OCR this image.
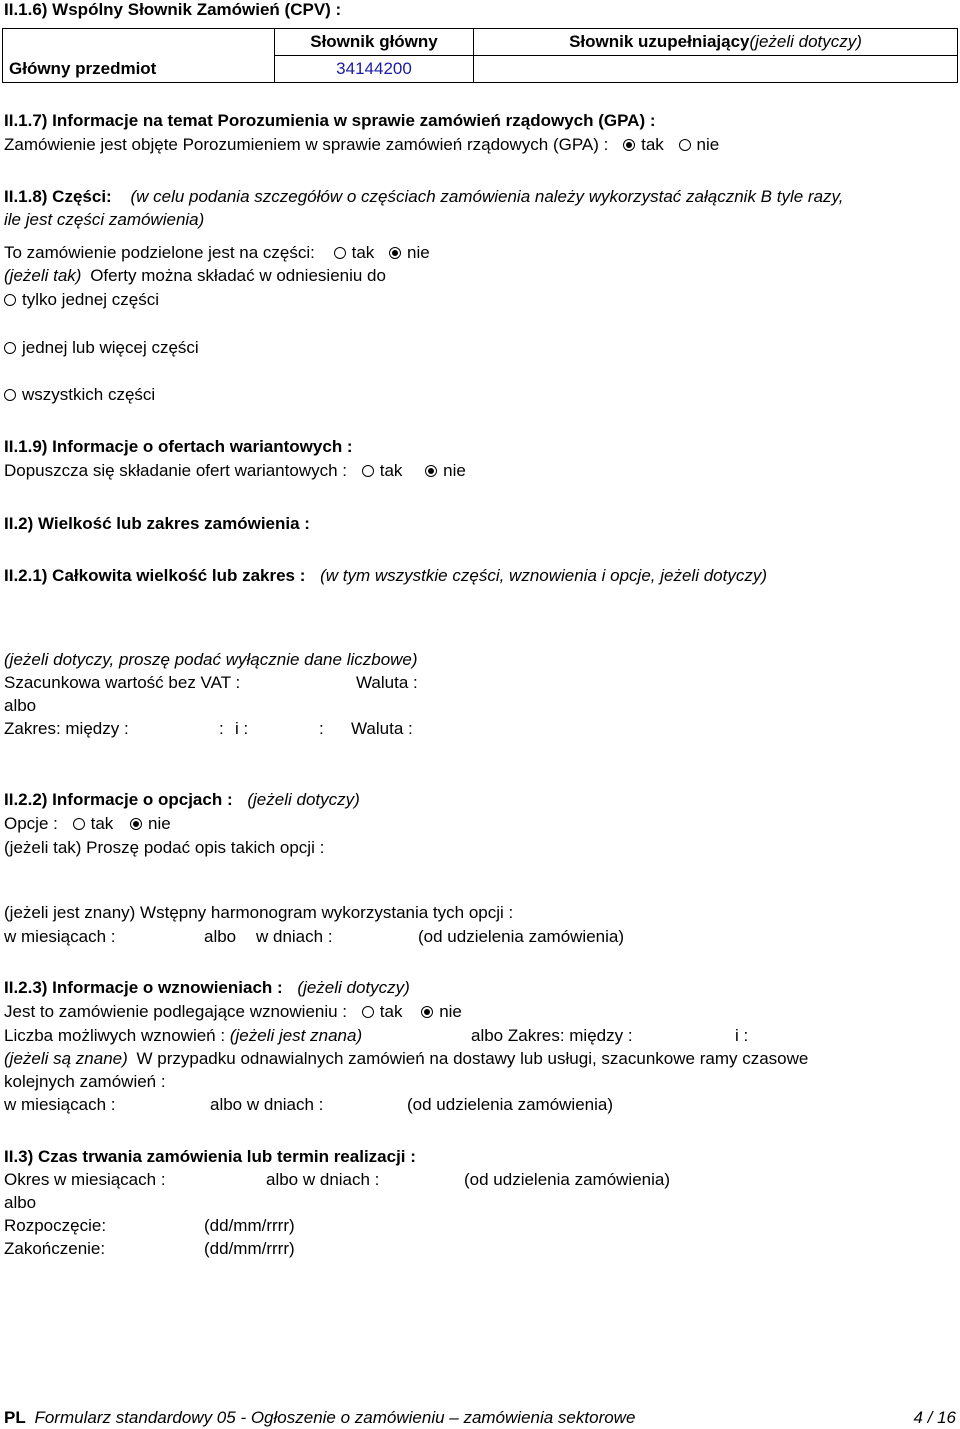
II.1.6) Wspólny Słownik Zamówień (CPV) :
	Słownik główny	Słownik uzupełniający(jeżeli dotyczy)
Główny przedmiot	34144200	
II.1.7) Informacje na temat Porozumienia w sprawie zamówień rządowych (GPA) :
Zamówienie jest objęte Porozumieniem w sprawie zamówień rządowych (GPA) : tak nie
II.1.8) Części: (w celu podania szczegółów o częściach zamówienia należy wykorzystać załącznik B tyle razy,
ile jest części zamówienia)
To zamówienie podzielone jest na części: tak nie
(jeżeli tak) Oferty można składać w odniesieniu do
tylko jednej części
jednej lub więcej części
wszystkich części
II.1.9) Informacje o ofertach wariantowych :
Dopuszcza się składanie ofert wariantowych : tak nie
II.2) Wielkość lub zakres zamówienia :
II.2.1) Całkowita wielkość lub zakres : (w tym wszystkie części, wznowienia i opcje, jeżeli dotyczy)
(jeżeli dotyczy, proszę podać wyłącznie dane liczbowe)
Szacunkowa wartość bez VAT :	Waluta :
albo
Zakres: między :	: i :	: Waluta :
II.2.2) Informacje o opcjach : (jeżeli dotyczy)
Opcje : tak nie
(jeżeli tak) Proszę podać opis takich opcji :
(jeżeli jest znany) Wstępny harmonogram wykorzystania tych opcji :
w miesiącach :	albo w dniach :	(od udzielenia zamówienia)
II.2.3) Informacje o wznowieniach : (jeżeli dotyczy)
Jest to zamówienie podlegające wznowieniu : tak nie
Liczba możliwych wznowień : (jeżeli jest znana)	albo Zakres: między :	i :
(jeżeli są znane) W przypadku odnawialnych zamówień na dostawy lub usługi, szacunkowe ramy czasowe
kolejnych zamówień :
w miesiącach :	albo w dniach :	(od udzielenia zamówienia)
II.3) Czas trwania zamówienia lub termin realizacji :
Okres w miesiącach :	albo w dniach :	(od udzielenia zamówienia)
albo
Rozpoczęcie:	(dd/mm/rrrr)
Zakończenie:	(dd/mm/rrrr)
PL Formularz standardowy 05 - Ogłoszenie o zamówieniu – zamówienia sektorowe	4 / 16
